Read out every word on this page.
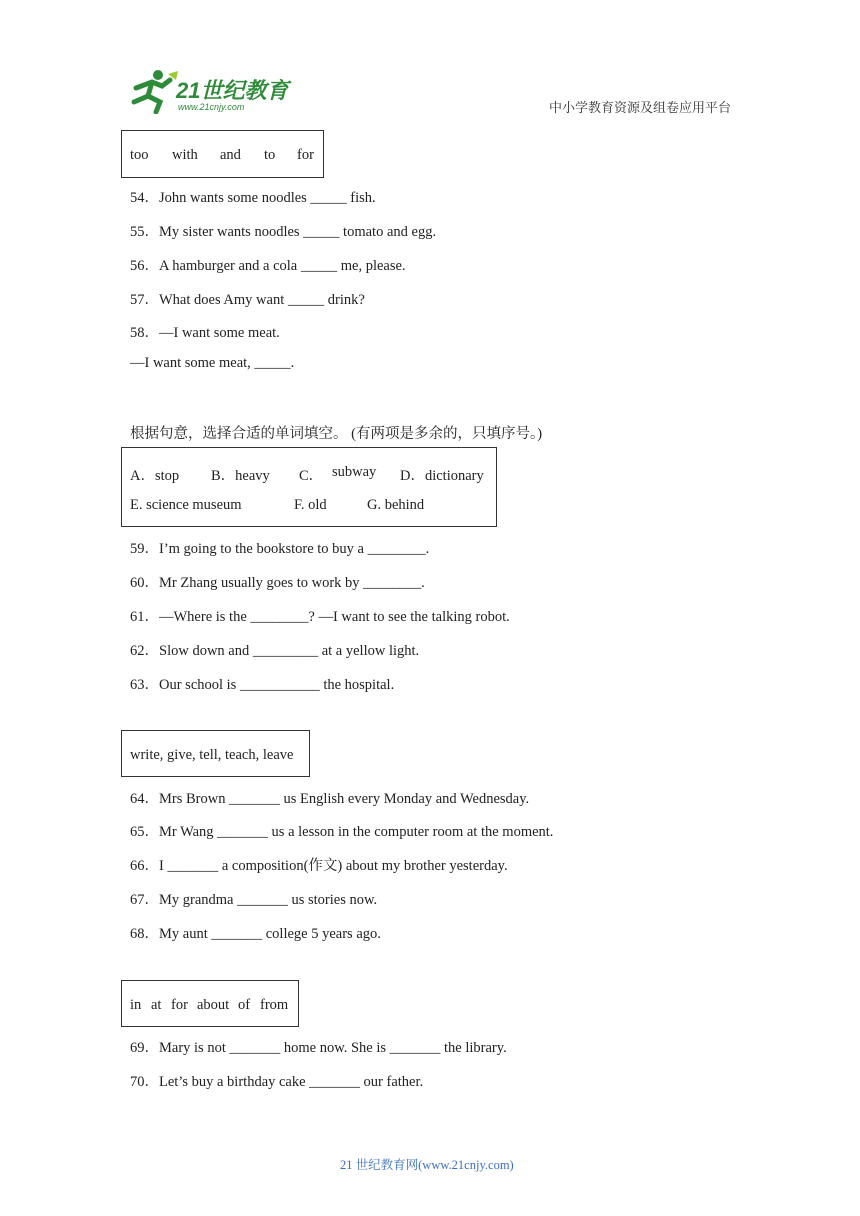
21世纪教育
www.21cnjy.com	中小学教育资源及组卷应用平台
too with and to for
54．John wants some noodles _____ fish.
55．My sister wants noodles _____ tomato and egg.
56．A hamburger and a cola _____ me, please.
57．What does Amy want _____ drink?
58．—I want some meat.
—I want some meat, _____.
根据句意，选择合适的单词填空。 (有两项是多余的，只填序号。)
A．stop B．heavy C． subway D．dictionary
E. science museum	F. old	G. behind
59．I’m going to the bookstore to buy a ________.
60．Mr Zhang usually goes to work by ________.
61．—Where is the ________? —I want to see the talking robot.
62．Slow down and _________ at a yellow light.
63．Our school is ___________ the hospital.
write, give, tell, teach, leave
64．Mrs Brown _______ us English every Monday and Wednesday.
65．Mr Wang _______ us a lesson in the computer room at the moment.
66．I _______ a composition(作文) about my brother yesterday.
67．My grandma _______ us stories now.
68．My aunt _______ college 5 years ago.
in at for about of from
69．Mary is not _______ home now. She is _______ the library.
70．Let’s buy a birthday cake _______ our father.
21 世纪教育网(www.21cnjy.com)
